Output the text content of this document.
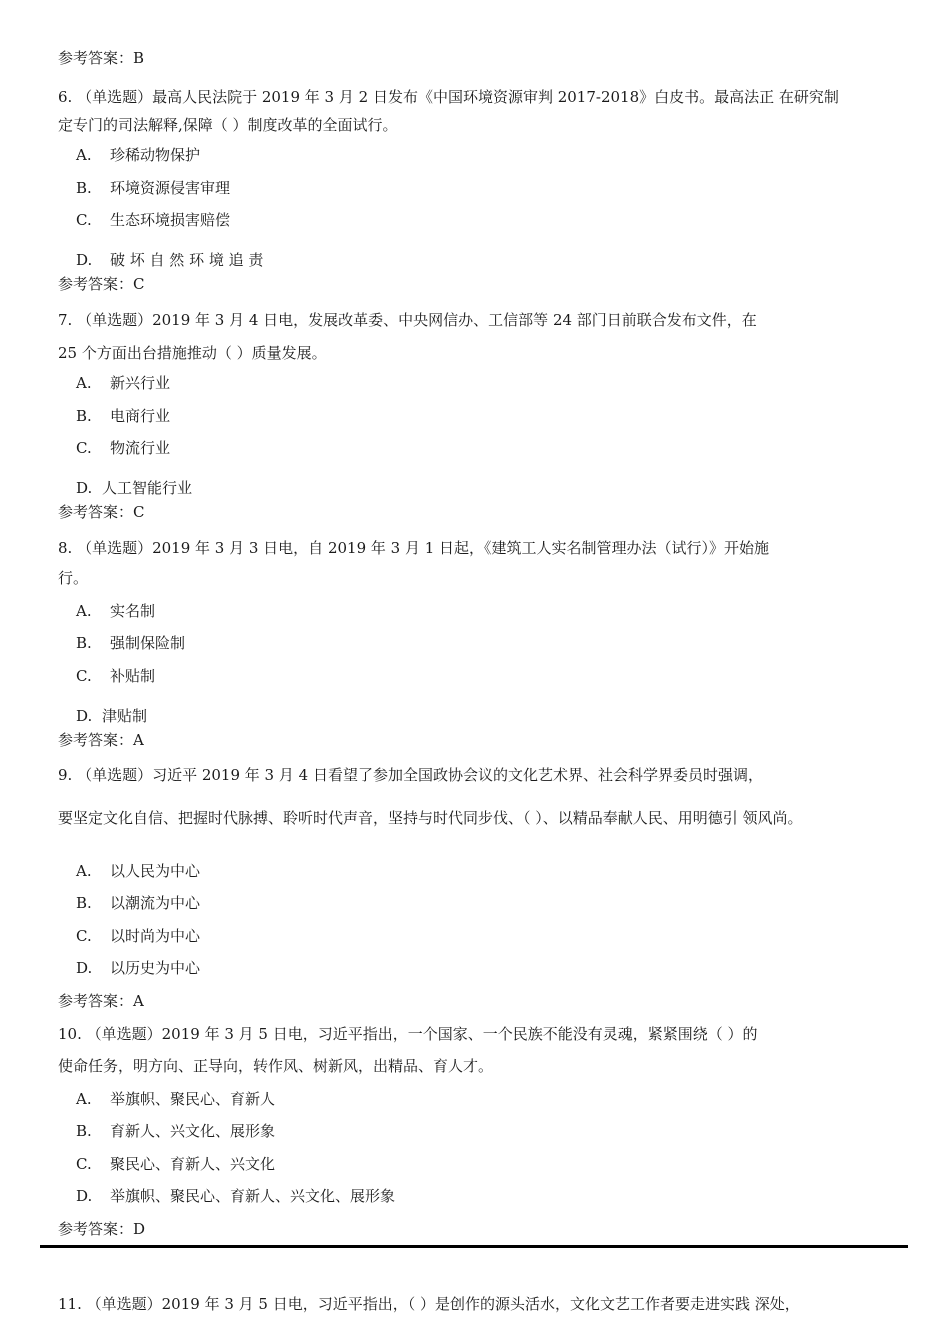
参考答案：B
6. （单选题）最高人民法院于 2019 年 3 月 2 日发布《中国环境资源审判 2017-2018》白皮书。最高法正 在研究制
定专门的司法解释,保障（ ）制度改革的全面试行。
A. 珍稀动物保护
B. 环境资源侵害审理
C. 生态环境损害赔偿
D. 破 坏 自 然 环 境 追 责
参考答案：C
7. （单选题）2019 年 3 月 4 日电，发展改革委、中央网信办、工信部等 24 部门日前联合发布文件，在
25 个方面出台措施推动（ ）质量发展。
A. 新兴行业
B. 电商行业
C. 物流行业
D. 人工智能行业
参考答案：C
8. （单选题）2019 年 3 月 3 日电，自 2019 年 3 月 1 日起，《建筑工人实名制管理办法（试行）》开始施
行。
A. 实名制
B. 强制保险制
C. 补贴制
D. 津贴制
参考答案：A
9. （单选题）习近平 2019 年 3 月 4 日看望了参加全国政协会议的文化艺术界、社会科学界委员时强调，
要坚定文化自信、把握时代脉搏、聆听时代声音，坚持与时代同步伐、（ ）、以精品奉献人民、用明德引 领风尚。
A. 以人民为中心
B. 以潮流为中心
C. 以时尚为中心
D. 以历史为中心
参考答案：A
10. （单选题）2019 年 3 月 5 日电，习近平指出，一个国家、一个民族不能没有灵魂，紧紧围绕（ ）的
使命任务，明方向、正导向，转作风、树新风，出精品、育人才。
A. 举旗帜、聚民心、育新人
B. 育新人、兴文化、展形象
C. 聚民心、育新人、兴文化
D. 举旗帜、聚民心、育新人、兴文化、展形象
参考答案：D
11. （单选题）2019 年 3 月 5 日电，习近平指出，（ ）是创作的源头活水，文化文艺工作者要走进实践 深处，
